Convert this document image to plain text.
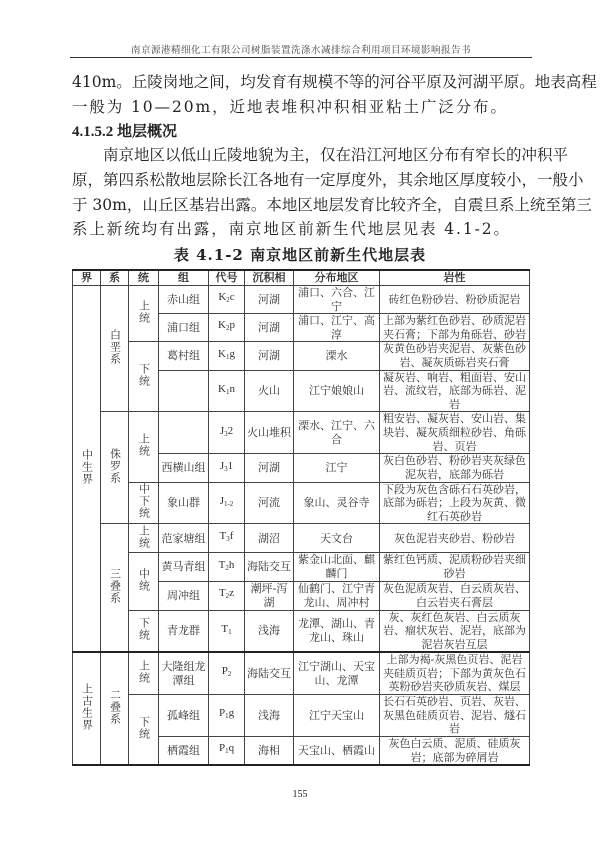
南京源港精细化工有限公司树脂装置洗涤水减排综合利用项目环境影响报告书
410m。丘陵岗地之间，均发育有规模不等的河谷平原及河湖平原。地表高程
一般为 10—20m，近地表堆积冲积相亚粘土广泛分布。
4.1.5.2 地层概况
南京地区以低山丘陵地貌为主，仅在沿江河地区分布有窄长的冲积平
原，第四系松散地层除长江各地有一定厚度外，其余地区厚度较小，一般小
于 30m，山丘区基岩出露。本地区地层发育比较齐全，自震旦系上统至第三
系上新统均有出露，南京地区前新生代地层见表 4.1-2。
表 4.1-2 南京地区前新生代地层表
界	系	统	组	代号	沉积相	分布地区	岩性
中生界	白垩系	上统	赤山组	$K_2c$	河湖	浦口、六合、江宁	砖红色粉砂岩、粉砂质泥岩
			浦口组	$K_2p$	河湖	浦口、江宁、高淳	上部为紫红色砂岩、砂质泥岩夹石膏；下部为角砾岩、砂岩
		下统	葛村组	$K_1g$	河湖	溧水	灰黄色砂岩夹泥岩、灰紫色砂岩、凝灰质砾岩夹石膏
				$K_1n$	火山	江宁娘娘山	凝灰岩、响岩、粗面岩、安山岩、流纹岩，底部为砾岩、泥岩
	侏罗系	上统		$J_32$	火山堆积	溧水、江宁、六合	粗安岩、凝灰岩、安山岩、集块岩、凝灰质细粒砂岩、角砾岩、页岩
			西横山组	$J_31$	河湖	江宁	灰白色砂岩、粉砂岩夹灰绿色泥灰岩，底部为砾岩
		中下统	象山群	$J_{1-2}$	河流	象山、灵谷寺	下段为灰色含砾石石英砂岩，底部为砾岩；上段为灰黄、微红石英砂岩
	三叠系	上统	范家塘组	$T_3f$	湖沼	天文台	灰色泥岩夹砂岩、粉砂岩
		中统	黄马青组	$T_2h$	海陆交互	紫金山北面、麒麟门	紫红色钙质、泥质粉砂岩夹细砂岩
			周冲组	$T_2z$	潮坪-泻湖	仙鹤门、江宁青龙山、周冲村	灰色泥质灰岩、白云质灰岩、白云岩夹石膏层
		下统	青龙群	$T_1$	浅海	龙潭、湖山、青龙山、珠山	灰、灰红色灰岩、白云质灰岩、瘤状灰岩、泥岩，底部为泥岩灰岩互层
上古生界	二叠系	上统	大隆组龙潭组	$P_2$	海陆交互	江宁湖山、天宝山、龙潭	上部为褐-灰黑色页岩、泥岩夹硅质页岩；下部为黄灰色石英粉砂岩夹砂质灰岩、煤层
		下统	孤峰组	$P_1g$	浅海	江宁天宝山	长石石英砂岩、页岩、灰岩、灰黑色硅质页岩、泥岩、燧石岩
			栖霞组	$P_1q$	海相	天宝山、栖霞山	灰色白云质、泥质、硅质灰岩；底部为碎屑岩
155
